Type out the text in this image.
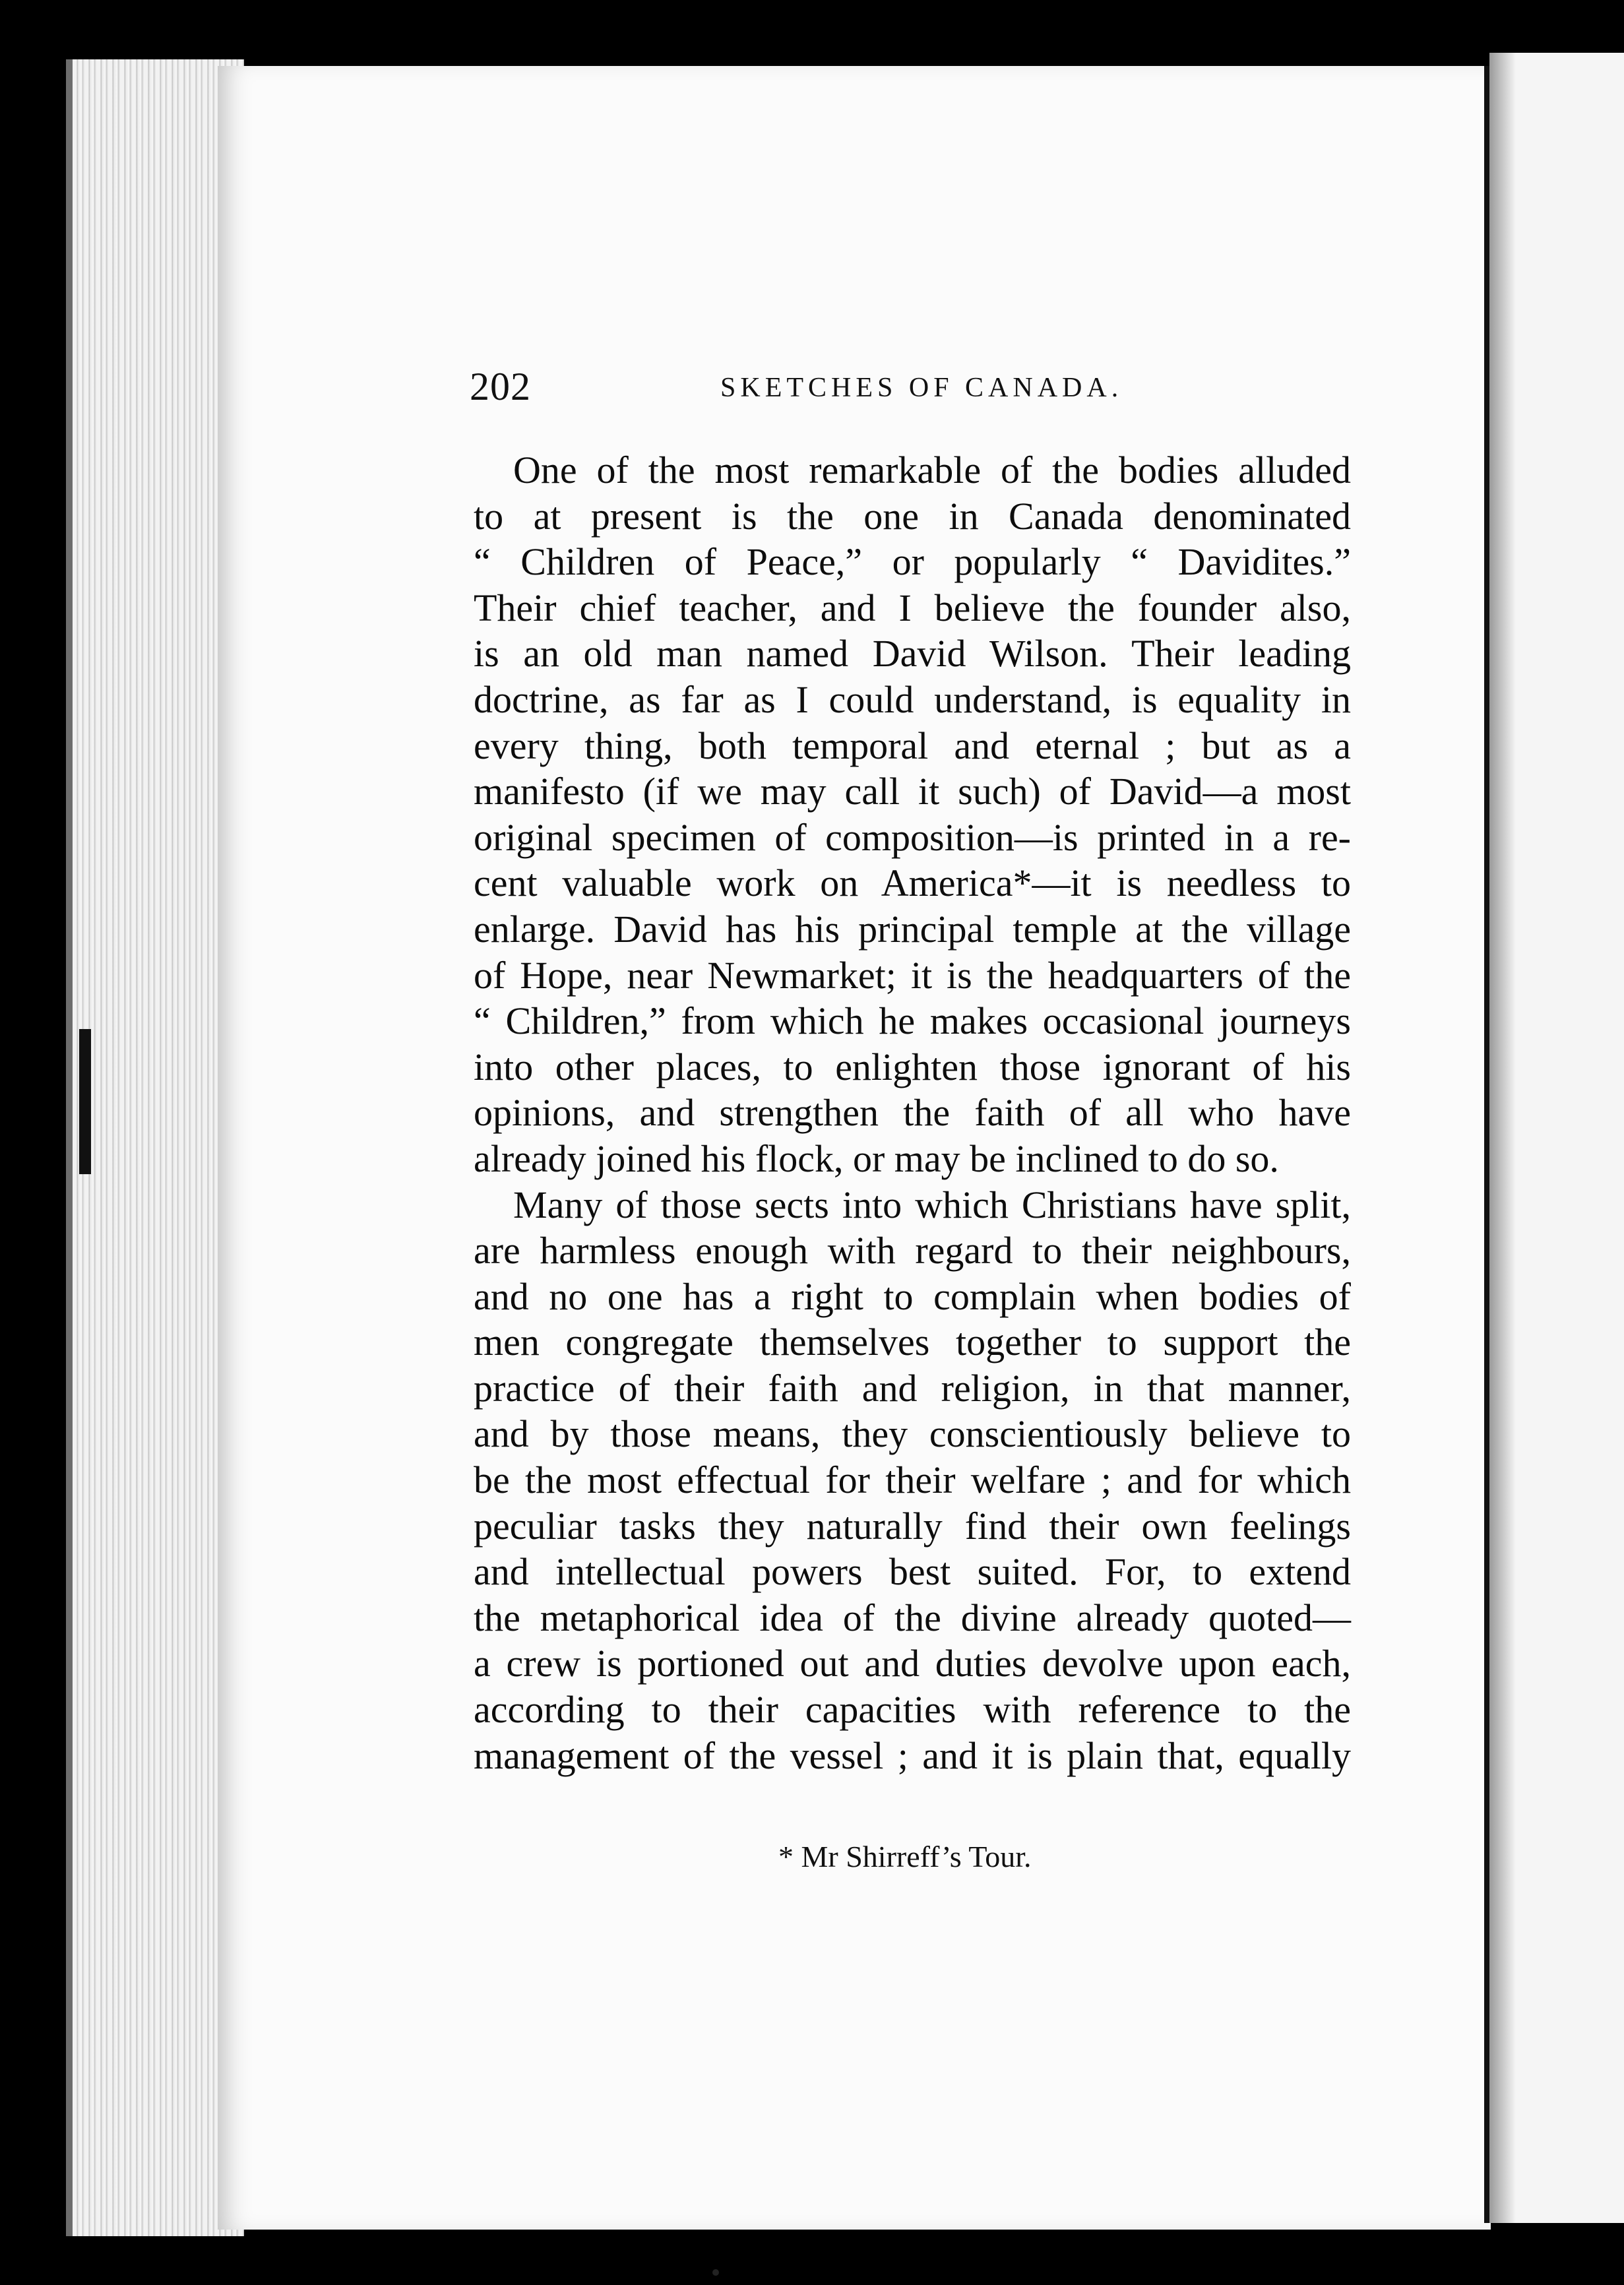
202	SKETCHES OF CANADA.
One of the most remarkable of the bodies alluded
to at present is the one in Canada denominated
“ Children of Peace,” or popularly “ Davidites.”
Their chief teacher, and I believe the founder also,
is an old man named David Wilson. Their leading
doctrine, as far as I could understand, is equality in
every thing, both temporal and eternal ; but as a
manifesto (if we may call it such) of David—a most
original specimen of composition—is printed in a re-
cent valuable work on America*—it is needless to
enlarge. David has his principal temple at the village
of Hope, near Newmarket; it is the headquarters of the
“ Children,” from which he makes occasional journeys
into other places, to enlighten those ignorant of his
opinions, and strengthen the faith of all who have
already joined his flock, or may be inclined to do so.
Many of those sects into which Christians have split,
are harmless enough with regard to their neighbours,
and no one has a right to complain when bodies of
men congregate themselves together to support the
practice of their faith and religion, in that manner,
and by those means, they conscientiously believe to
be the most effectual for their welfare ; and for which
peculiar tasks they naturally find their own feelings
and intellectual powers best suited. For, to extend
the metaphorical idea of the divine already quoted—
a crew is portioned out and duties devolve upon each,
according to their capacities with reference to the
management of the vessel ; and it is plain that, equally
* Mr Shirreff’s Tour.
